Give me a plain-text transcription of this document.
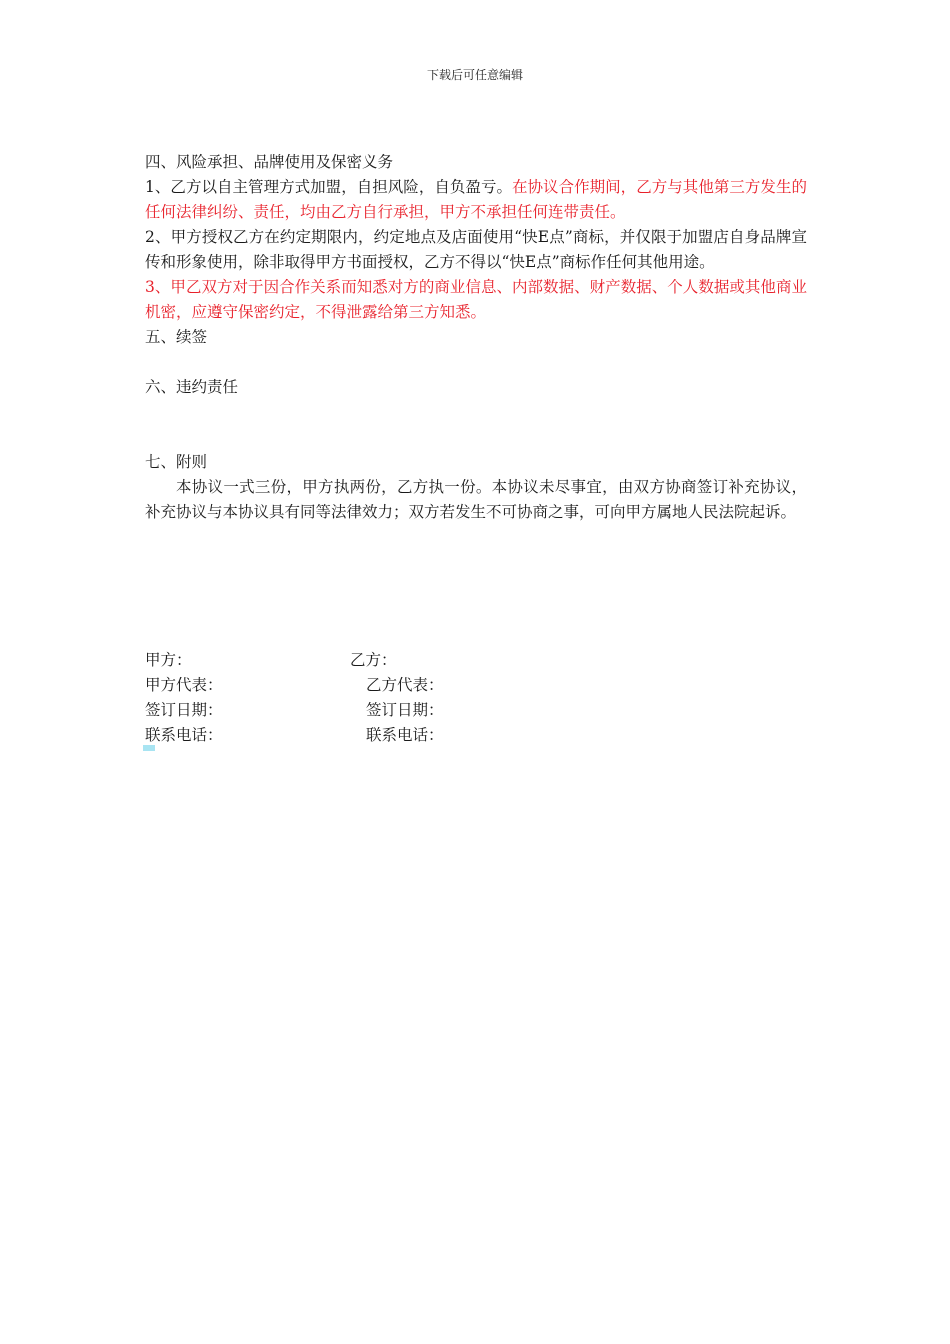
下载后可任意编辑

四、风险承担、品牌使用及保密义务

1、乙方以自主管理方式加盟，自担风险，自负盈亏。在协议合作期间，乙方与其他第三方发生的任何法律纠纷、责任，均由乙方自行承担，甲方不承担任何连带责任。

2、甲方授权乙方在约定期限内，约定地点及店面使用“快E点”商标，并仅限于加盟店自身品牌宣传和形象使用，除非取得甲方书面授权，乙方不得以“快E点”商标作任何其他用途。

3、甲乙双方对于因合作关系而知悉对方的商业信息、内部数据、财产数据、个人数据或其他商业机密，应遵守保密约定，不得泄露给第三方知悉。

五、续签

六、违约责任

七、附则

本协议一式三份，甲方执两份，乙方执一份。本协议未尽事宜，由双方协商签订补充协议，补充协议与本协议具有同等法律效力；双方若发生不可协商之事，可向甲方属地人民法院起诉。

甲方：	乙方：
甲方代表：	乙方代表：
签订日期：	签订日期：
联系电话：	联系电话：
